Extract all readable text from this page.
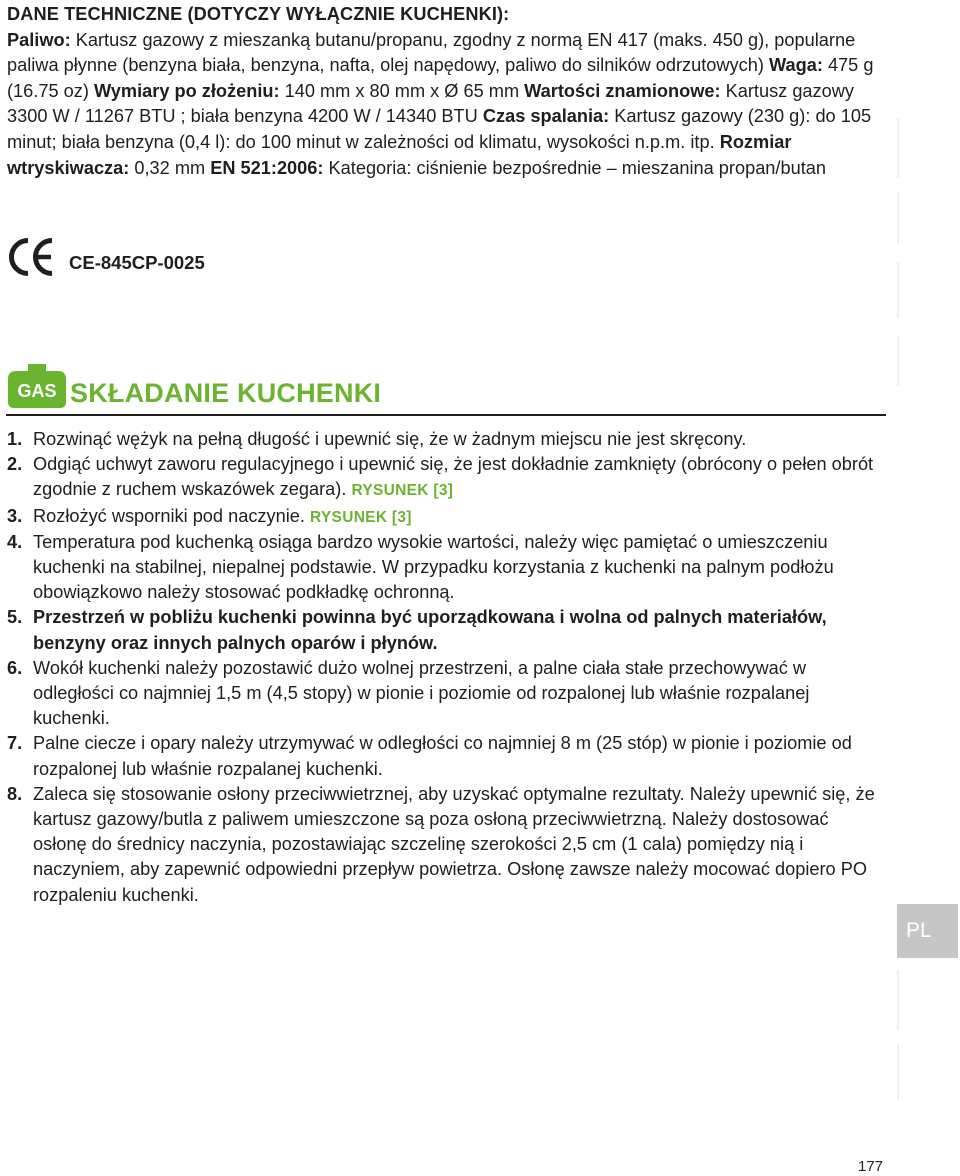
DANE TECHNICZNE (DOTYCZY WYŁĄCZNIE KUCHENKI):

Paliwo: Kartusz gazowy z mieszanką butanu/propanu, zgodny z normą EN 417 (maks. 450 g), popularne paliwa płynne (benzyna biała, benzyna, nafta, olej napędowy, paliwo do silników odrzutowych) Waga: 475 g (16.75 oz) Wymiary po złożeniu: 140 mm x 80 mm x Ø 65 mm Wartości znamionowe: Kartusz gazowy 3300 W / 11267 BTU ; biała benzyna 4200 W / 14340 BTU Czas spalania: Kartusz gazowy (230 g): do 105 minut; biała benzyna (0,4 l): do 100 minut w zależności od klimatu, wysokości n.p.m. itp. Rozmiar wtryskiwacza: 0,32 mm EN 521:2006: Kategoria: ciśnienie bezpośrednie – mieszanina propan/butan

CE-845CP-0025
GAS SKŁADANIE KUCHENKI
1. Rozwinąć wężyk na pełną długość i upewnić się, że w żadnym miejscu nie jest skręcony.
2. Odgiąć uchwyt zaworu regulacyjnego i upewnić się, że jest dokładnie zamknięty (obrócony o pełen obrót zgodnie z ruchem wskazówek zegara). RYSUNEK [3]
3. Rozłożyć wsporniki pod naczynie. RYSUNEK [3]
4. Temperatura pod kuchenką osiąga bardzo wysokie wartości, należy więc pamiętać o umieszczeniu kuchenki na stabilnej, niepalnej podstawie. W przypadku korzystania z kuchenki na palnym podłożu obowiązkowo należy stosować podkładkę ochronną.
5. Przestrzeń w pobliżu kuchenki powinna być uporządkowana i wolna od palnych materiałów, benzyny oraz innych palnych oparów i płynów.
6. Wokół kuchenki należy pozostawić dużo wolnej przestrzeni, a palne ciała stałe przechowywać w odległości co najmniej 1,5 m (4,5 stopy) w pionie i poziomie od rozpalonej lub właśnie rozpalanej kuchenki.
7. Palne ciecze i opary należy utrzymywać w odległości co najmniej 8 m (25 stóp) w pionie i poziomie od rozpalonej lub właśnie rozpalanej kuchenki.
8. Zaleca się stosowanie osłony przeciwwietrznej, aby uzyskać optymalne rezultaty. Należy upewnić się, że kartusz gazowy/butla z paliwem umieszczone są poza osłoną przeciwwietrzną. Należy dostosować osłonę do średnicy naczynia, pozostawiając szczelinę szerokości 2,5 cm (1 cala) pomiędzy nią i naczyniem, aby zapewnić odpowiedni przepływ powietrza. Osłonę zawsze należy mocować dopiero PO rozpaleniu kuchenki.
PL
177
